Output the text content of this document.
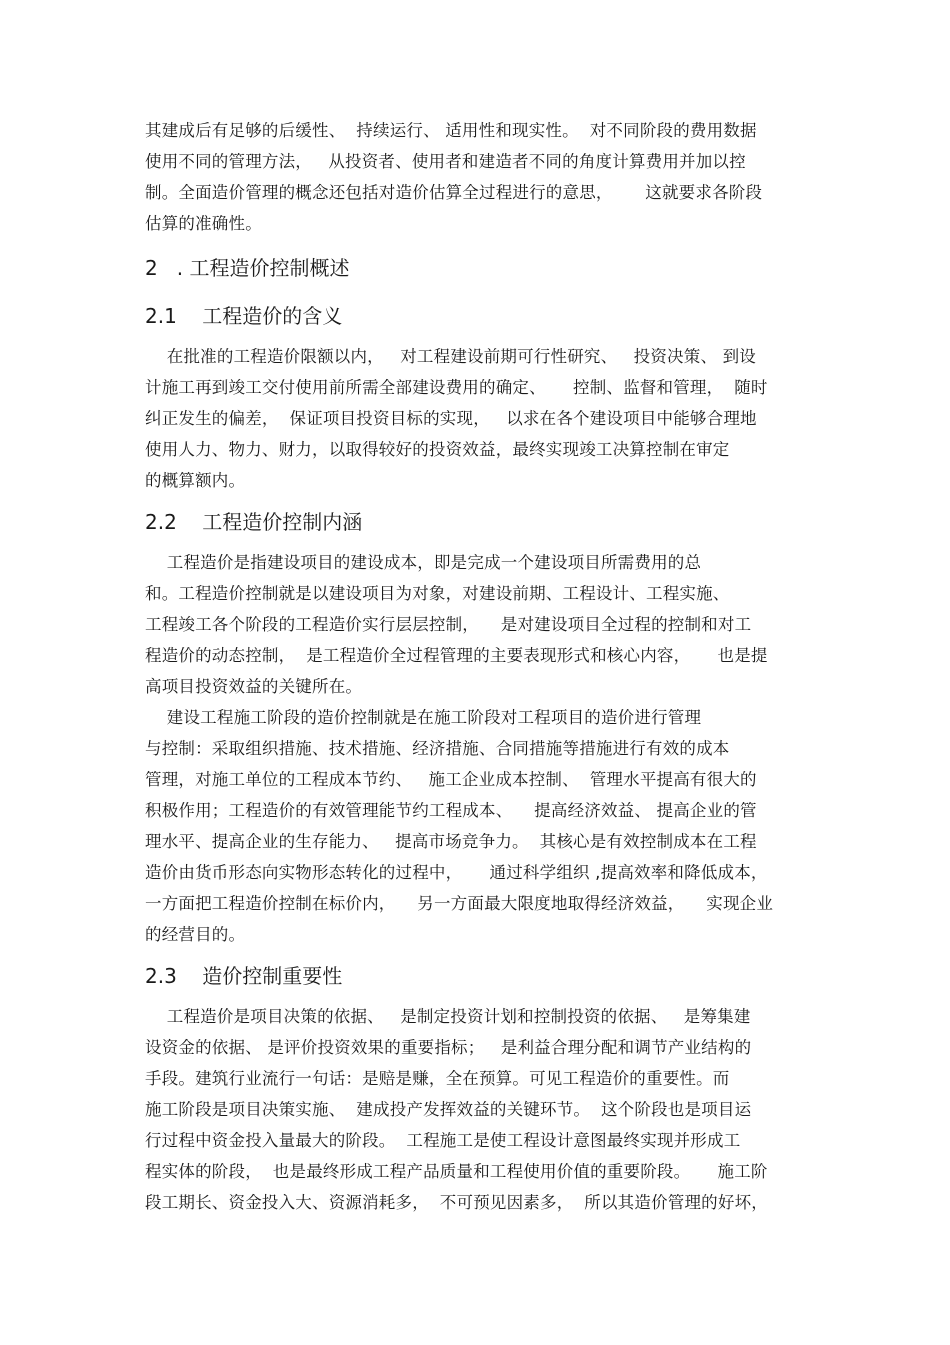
其建成后有足够的后缓性、  持续运行、 适用性和现实性。  对不同阶段的费用数据
使用不同的管理方法，   从投资者、使用者和建造者不同的角度计算费用并加以控
制。全面造价管理的概念还包括对造价估算全过程进行的意思，      这就要求各阶段
估算的准确性。
2   . 工程造价控制概述
2.1    工程造价的含义
在批准的工程造价限额以内，   对工程建设前期可行性研究、   投资决策、 到设
计施工再到竣工交付使用前所需全部建设费用的确定、     控制、监督和管理，  随时
纠正发生的偏差，  保证项目投资目标的实现，   以求在各个建设项目中能够合理地
使用人力、物力、财力，以取得较好的投资效益，最终实现竣工决算控制在审定
的概算额内。
2.2    工程造价控制内涵
工程造价是指建设项目的建设成本，即是完成一个建设项目所需费用的总
和。工程造价控制就是以建设项目为对象，对建设前期、工程设计、工程实施、
工程竣工各个阶段的工程造价实行层层控制，    是对建设项目全过程的控制和对工
程造价的动态控制，  是工程造价全过程管理的主要表现形式和核心内容，     也是提
高项目投资效益的关键所在。
建设工程施工阶段的造价控制就是在施工阶段对工程项目的造价进行管理
与控制：采取组织措施、技术措施、经济措施、合同措施等措施进行有效的成本
管理，对施工单位的工程成本节约、   施工企业成本控制、  管理水平提高有很大的
积极作用；工程造价的有效管理能节约工程成本、    提高经济效益、 提高企业的管
理水平、提高企业的生存能力、   提高市场竞争力。  其核心是有效控制成本在工程
造价由货币形态向实物形态转化的过程中，     通过科学组织 ,提高效率和降低成本，
一方面把工程造价控制在标价内，    另一方面最大限度地取得经济效益，    实现企业
的经营目的。
2.3    造价控制重要性
工程造价是项目决策的依据、   是制定投资计划和控制投资的依据、   是筹集建
设资金的依据、 是评价投资效果的重要指标；   是利益合理分配和调节产业结构的
手段。建筑行业流行一句话：是赔是赚，全在预算。可见工程造价的重要性。而
施工阶段是项目决策实施、  建成投产发挥效益的关键环节。  这个阶段也是项目运
行过程中资金投入量最大的阶段。  工程施工是使工程设计意图最终实现并形成工
程实体的阶段，  也是最终形成工程产品质量和工程使用价值的重要阶段。     施工阶
段工期长、资金投入大、资源消耗多，  不可预见因素多，  所以其造价管理的好坏，
